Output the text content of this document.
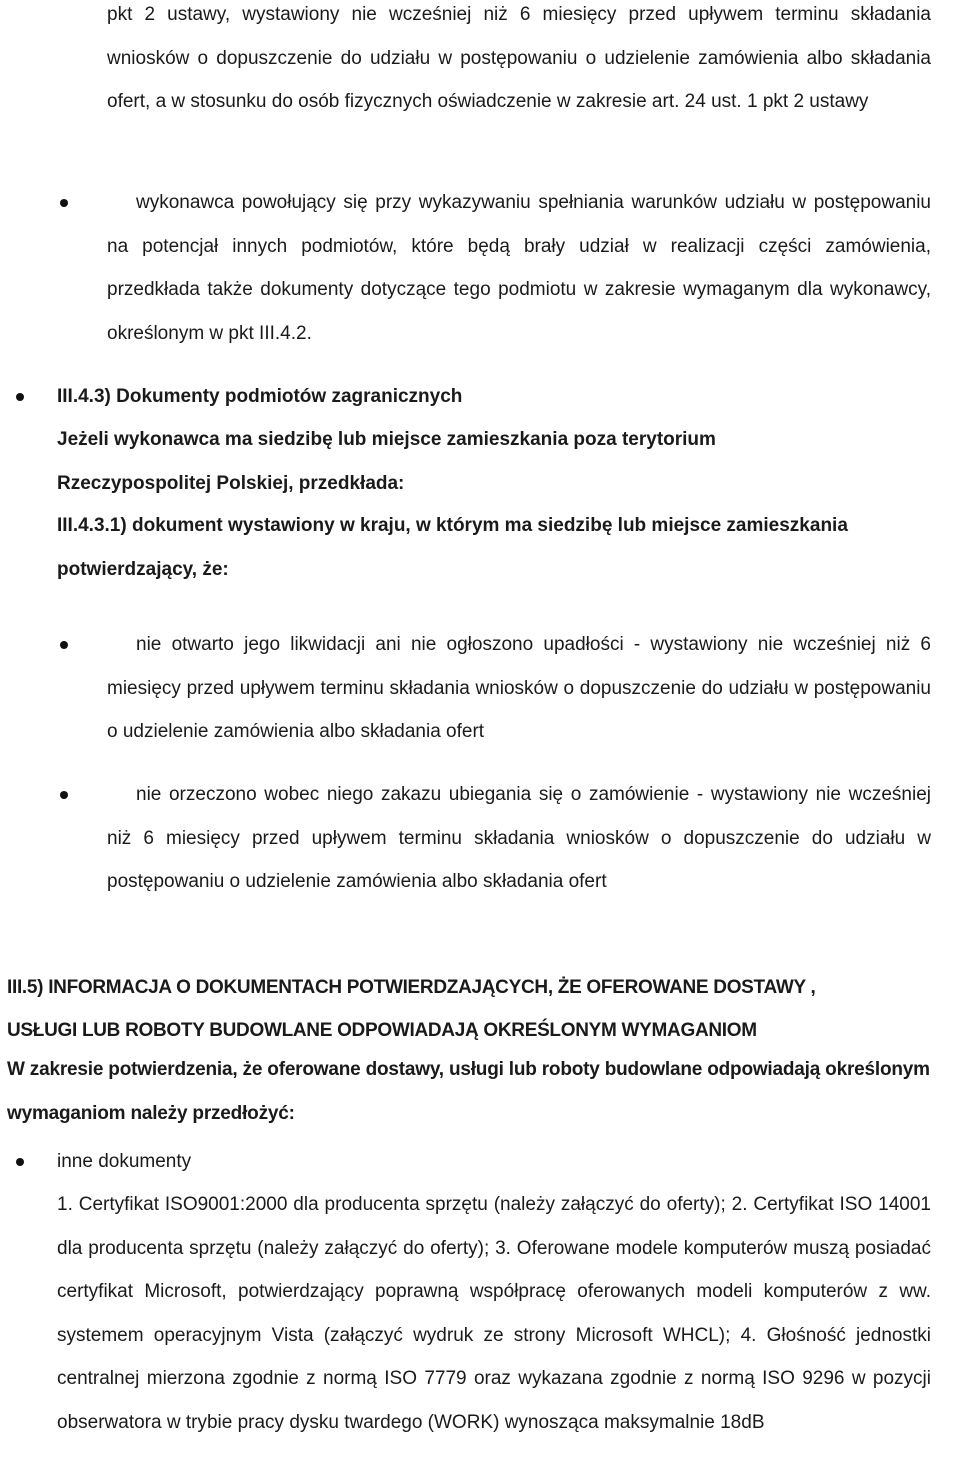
pkt 2 ustawy, wystawiony nie wcześniej niż 6 miesięcy przed upływem terminu składania wniosków o dopuszczenie do udziału w postępowaniu o udzielenie zamówienia albo składania ofert, a w stosunku do osób fizycznych oświadczenie w zakresie art. 24 ust. 1 pkt 2 ustawy

wykonawca powołujący się przy wykazywaniu spełniania warunków udziału w postępowaniu na potencjał innych podmiotów, które będą brały udział w realizacji części zamówienia, przedkłada także dokumenty dotyczące tego podmiotu w zakresie wymaganym dla wykonawcy, określonym w pkt III.4.2.

III.4.3) Dokumenty podmiotów zagranicznych

Jeżeli wykonawca ma siedzibę lub miejsce zamieszkania poza terytorium Rzeczypospolitej Polskiej, przedkłada:

III.4.3.1) dokument wystawiony w kraju, w którym ma siedzibę lub miejsce zamieszkania potwierdzający, że:

nie otwarto jego likwidacji ani nie ogłoszono upadłości - wystawiony nie wcześniej niż 6 miesięcy przed upływem terminu składania wniosków o dopuszczenie do udziału w postępowaniu o udzielenie zamówienia albo składania ofert

nie orzeczono wobec niego zakazu ubiegania się o zamówienie - wystawiony nie wcześniej niż 6 miesięcy przed upływem terminu składania wniosków o dopuszczenie do udziału w postępowaniu o udzielenie zamówienia albo składania ofert

III.5) INFORMACJA O DOKUMENTACH POTWIERDZAJĄCYCH, ŻE OFEROWANE DOSTAWY ,

USŁUGI LUB ROBOTY BUDOWLANE ODPOWIADAJĄ OKREŚLONYM WYMAGANIOM

W zakresie potwierdzenia, że oferowane dostawy, usługi lub roboty budowlane odpowiadają określonym wymaganiom należy przedłożyć:

inne dokumenty

1. Certyfikat ISO9001:2000 dla producenta sprzętu (należy załączyć do oferty); 2. Certyfikat ISO 14001 dla producenta sprzętu (należy załączyć do oferty); 3. Oferowane modele komputerów muszą posiadać certyfikat Microsoft, potwierdzający poprawną współpracę oferowanych modeli komputerów z ww. systemem operacyjnym Vista (załączyć wydruk ze strony Microsoft WHCL); 4. Głośność jednostki centralnej mierzona zgodnie z normą ISO 7779 oraz wykazana zgodnie z normą ISO 9296 w pozycji obserwatora w trybie pracy dysku twardego (WORK) wynosząca maksymalnie 18dB
